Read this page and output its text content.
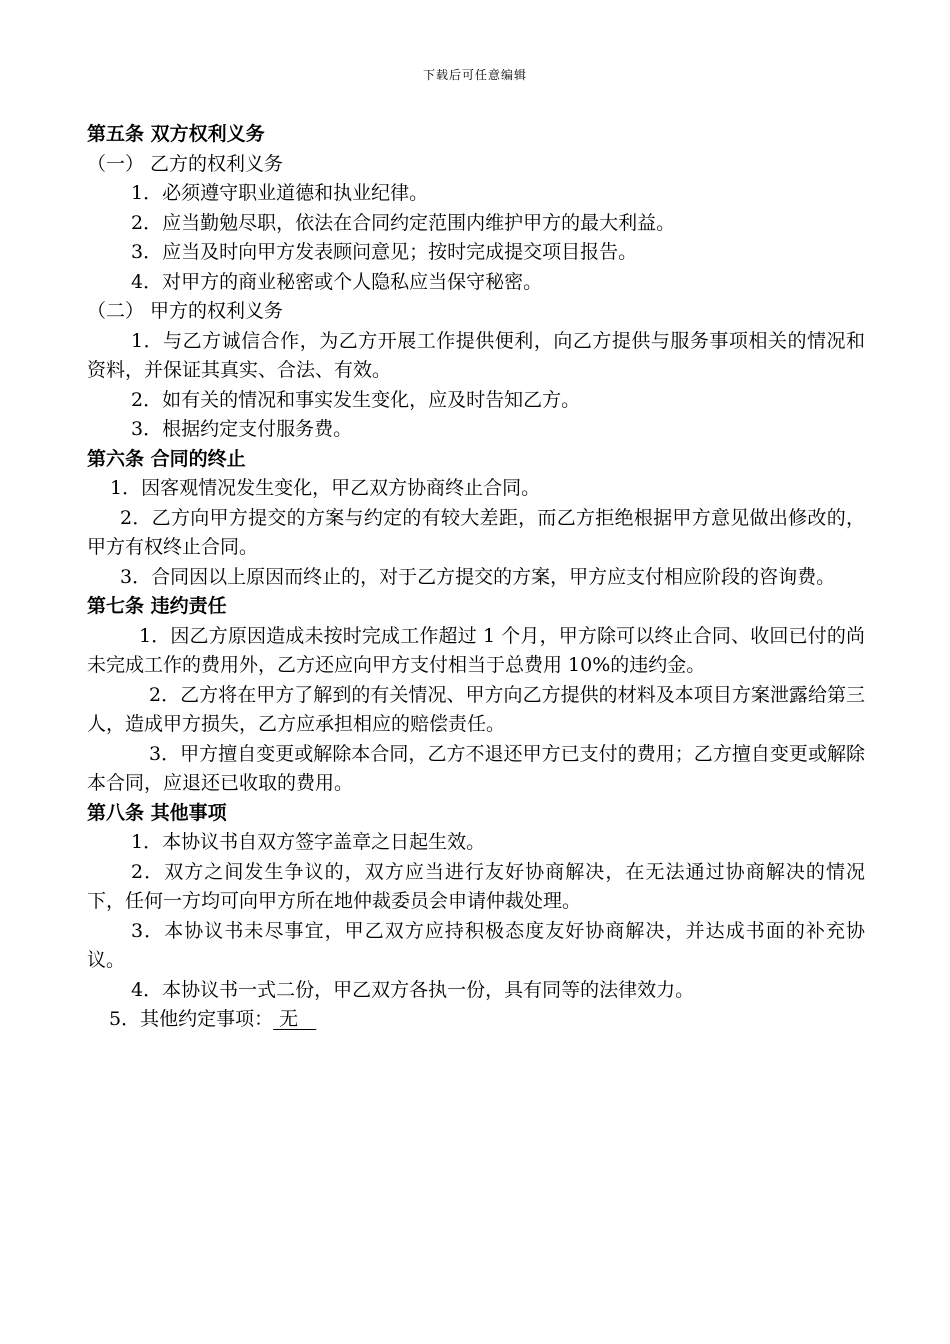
下载后可任意编辑

第五条 双方权利义务

（一） 乙方的权利义务

1．必须遵守职业道德和执业纪律。

2．应当勤勉尽职，依法在合同约定范围内维护甲方的最大利益。

3．应当及时向甲方发表顾问意见；按时完成提交项目报告。

4．对甲方的商业秘密或个人隐私应当保守秘密。

（二） 甲方的权利义务

1．与乙方诚信合作，为乙方开展工作提供便利，向乙方提供与服务事项相关的情况和资料，并保证其真实、合法、有效。

2．如有关的情况和事实发生变化，应及时告知乙方。

3．根据约定支付服务费。

第六条 合同的终止

1．因客观情况发生变化，甲乙双方协商终止合同。

2．乙方向甲方提交的方案与约定的有较大差距，而乙方拒绝根据甲方意见做出修改的，甲方有权终止合同。

3．合同因以上原因而终止的，对于乙方提交的方案，甲方应支付相应阶段的咨询费。

第七条 违约责任

1．因乙方原因造成未按时完成工作超过 1 个月，甲方除可以终止合同、收回已付的尚未完成工作的费用外，乙方还应向甲方支付相当于总费用 10%的违约金。

2．乙方将在甲方了解到的有关情况、甲方向乙方提供的材料及本项目方案泄露给第三人，造成甲方损失，乙方应承担相应的赔偿责任。

3．甲方擅自变更或解除本合同，乙方不退还甲方已支付的费用；乙方擅自变更或解除本合同，应退还已收取的费用。

第八条 其他事项

1．本协议书自双方签字盖章之日起生效。

2．双方之间发生争议的，双方应当进行友好协商解决，在无法通过协商解决的情况下，任何一方均可向甲方所在地仲裁委员会申请仲裁处理。

3．本协议书未尽事宜，甲乙双方应持积极态度友好协商解决，并达成书面的补充协议。

4．本协议书一式二份，甲乙双方各执一份，具有同等的法律效力。

5．其他约定事项： 无
